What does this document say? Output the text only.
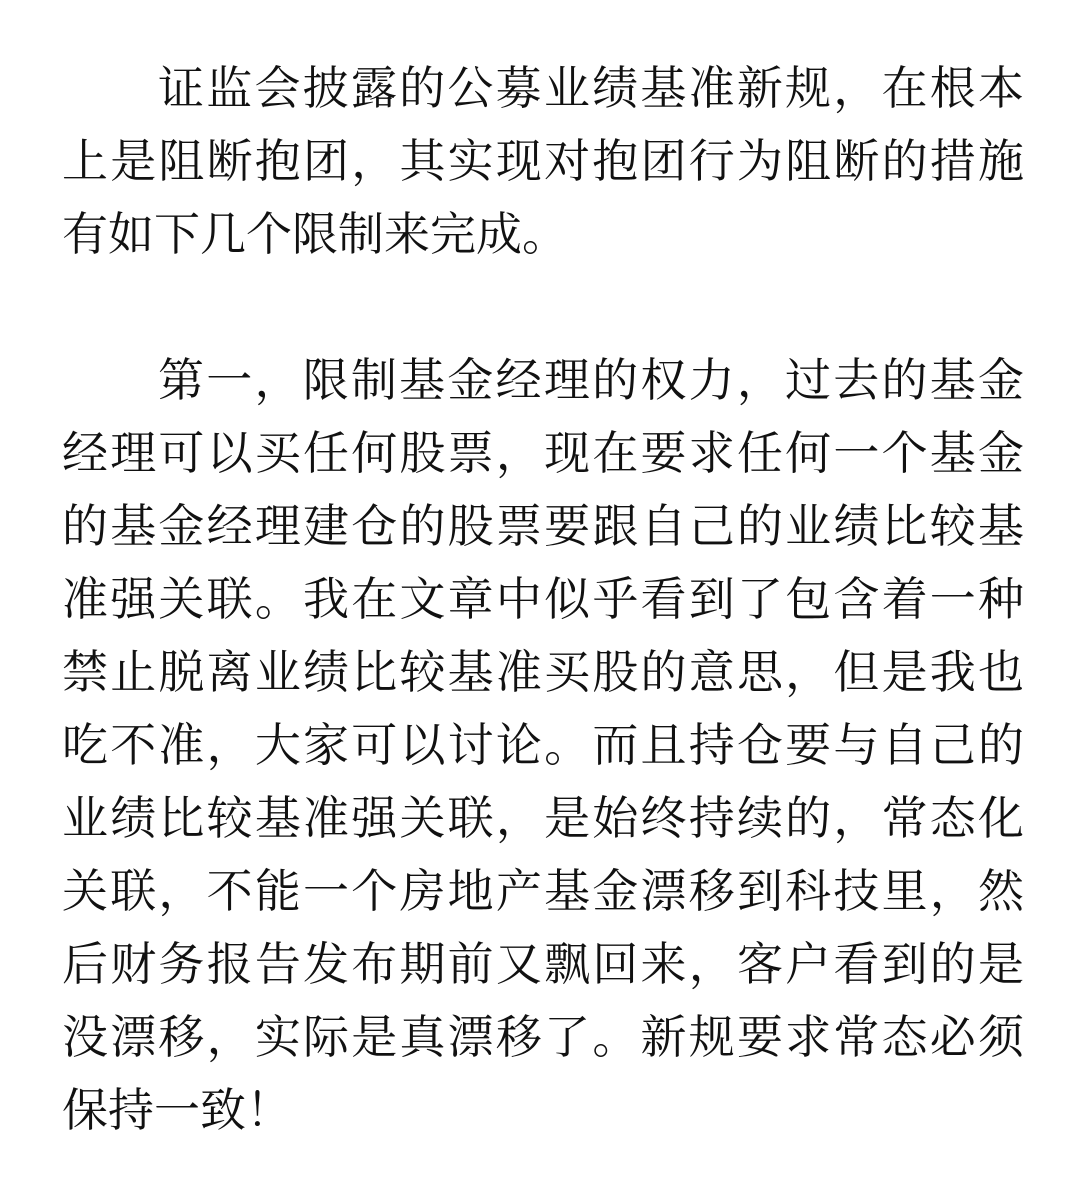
证监会披露的公募业绩基准新规，在根本上是阻断抱团，其实现对抱团行为阻断的措施有如下几个限制来完成。

第一，限制基金经理的权力，过去的基金经理可以买任何股票，现在要求任何一个基金的基金经理建仓的股票要跟自己的业绩比较基准强关联。我在文章中似乎看到了包含着一种禁止脱离业绩比较基准买股的意思，但是我也吃不准，大家可以讨论。而且持仓要与自己的业绩比较基准强关联，是始终持续的，常态化关联，不能一个房地产基金漂移到科技里，然后财务报告发布期前又飘回来，客户看到的是没漂移，实际是真漂移了。新规要求常态必须保持一致！
